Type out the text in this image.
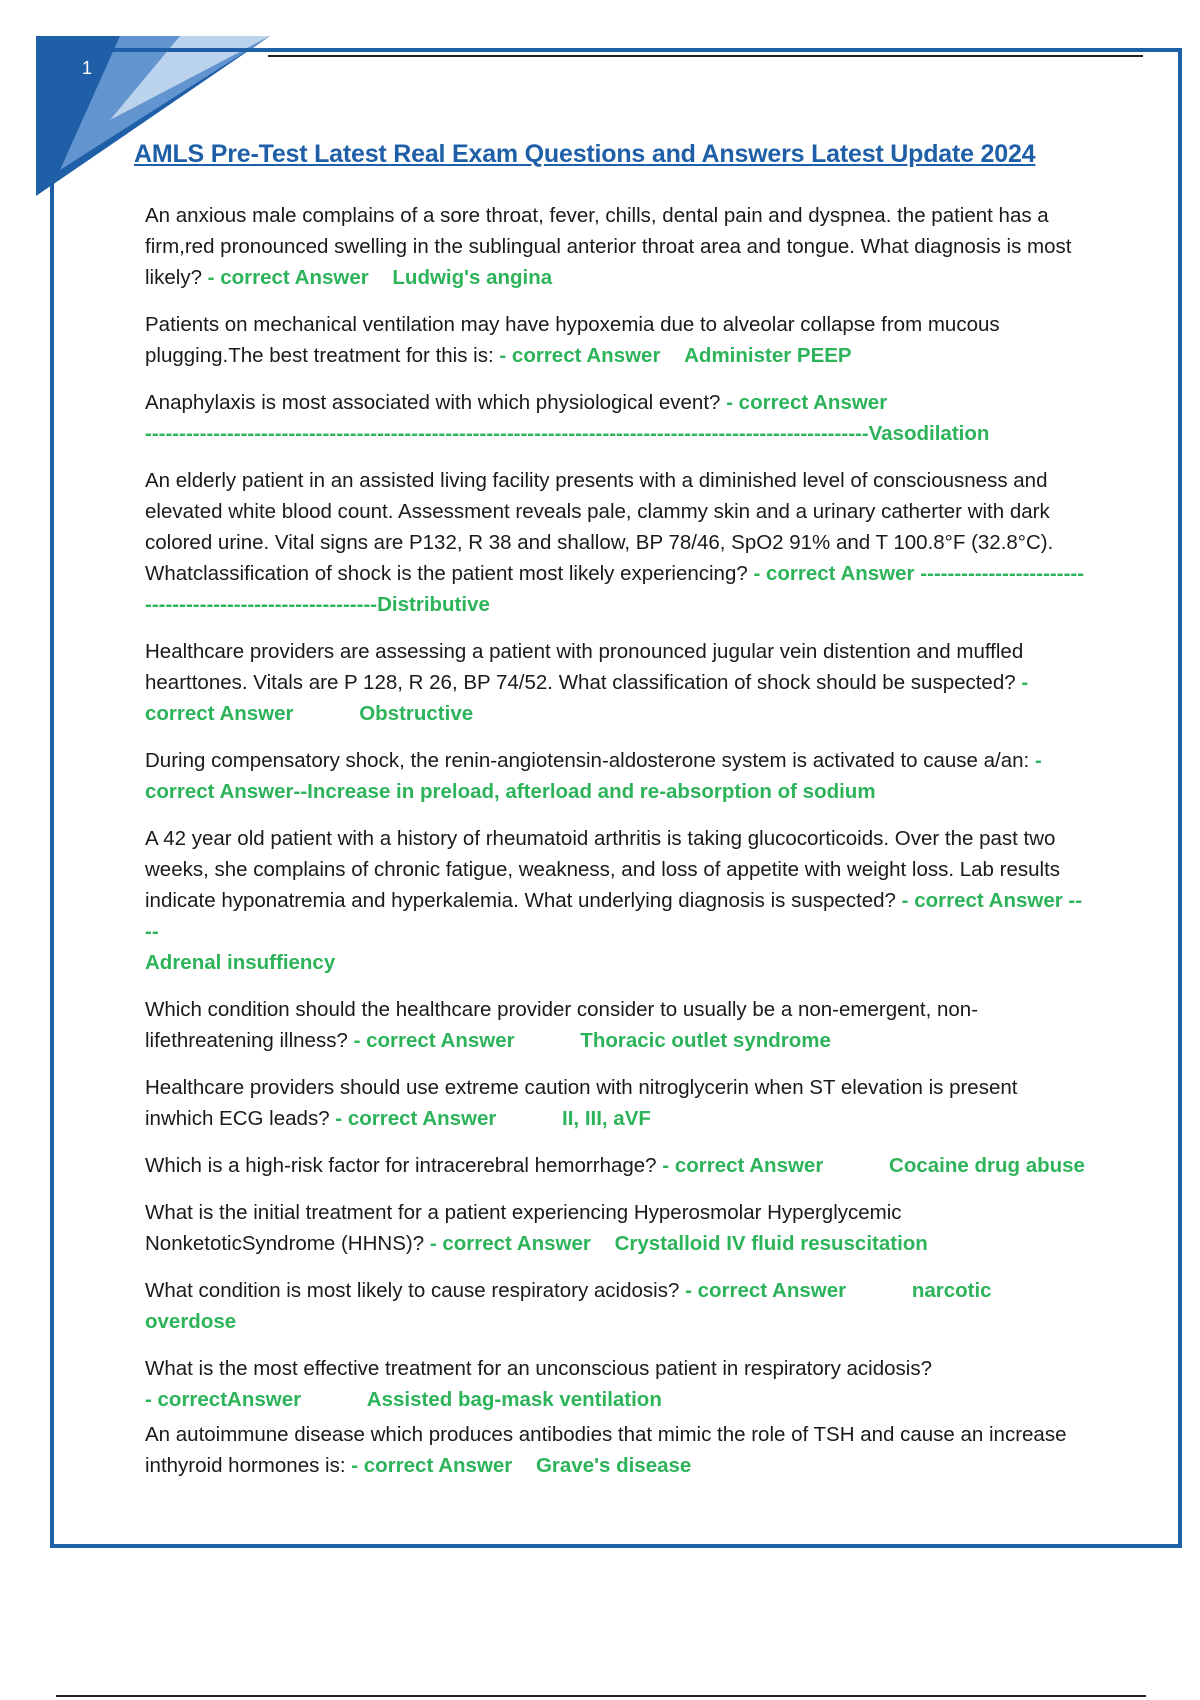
1
AMLS Pre-Test Latest Real Exam Questions and Answers Latest Update 2024

An anxious male complains of a sore throat, fever, chills, dental pain and dyspnea. the patient has a firm,red pronounced swelling in the sublingual anterior throat area and tongue. What diagnosis is most likely? - correct Answer Ludwig's angina

Patients on mechanical ventilation may have hypoxemia due to alveolar collapse from mucous plugging.The best treatment for this is: - correct Answer Administer PEEP

Anaphylaxis is most associated with which physiological event? - correct Answer
----------------------------------------------------------------------------------------------------------Vasodilation

An elderly patient in an assisted living facility presents with a diminished level of consciousness and elevated white blood count. Assessment reveals pale, clammy skin and a urinary catherter with dark colored urine. Vital signs are P132, R 38 and shallow, BP 78/46, SpO2 91% and T 100.8°F (32.8°C). Whatclassification of shock is the patient most likely experiencing? - correct Answer ----------------------------------------------------------Distributive

Healthcare providers are assessing a patient with pronounced jugular vein distention and muffled hearttones. Vitals are P 128, R 26, BP 74/52. What classification of shock should be suspected? - correct Answer	Obstructive

During compensatory shock, the renin-angiotensin-aldosterone system is activated to cause a/an: -
correct Answer--Increase in preload, afterload and re-absorption of sodium

A 42 year old patient with a history of rheumatoid arthritis is taking glucocorticoids. Over the past two weeks, she complains of chronic fatigue, weakness, and loss of appetite with weight loss. Lab results indicate hyponatremia and hyperkalemia. What underlying diagnosis is suspected? - correct Answer ----
Adrenal insuffiency

Which condition should the healthcare provider consider to usually be a non-emergent, non-lifethreatening illness? - correct Answer	Thoracic outlet syndrome

Healthcare providers should use extreme caution with nitroglycerin when ST elevation is present inwhich ECG leads? - correct Answer	II, III, aVF

Which is a high-risk factor for intracerebral hemorrhage? - correct Answer	Cocaine drug abuse

What is the initial treatment for a patient experiencing Hyperosmolar Hyperglycemic NonketoticSyndrome (HHNS)? - correct Answer Crystalloid IV fluid resuscitation

What condition is most likely to cause respiratory acidosis? - correct Answer	narcotic overdose

What is the most effective treatment for an unconscious patient in respiratory acidosis?
- correctAnswer	Assisted bag-mask ventilation

An autoimmune disease which produces antibodies that mimic the role of TSH and cause an increase inthyroid hormones is: - correct Answer Grave's disease
